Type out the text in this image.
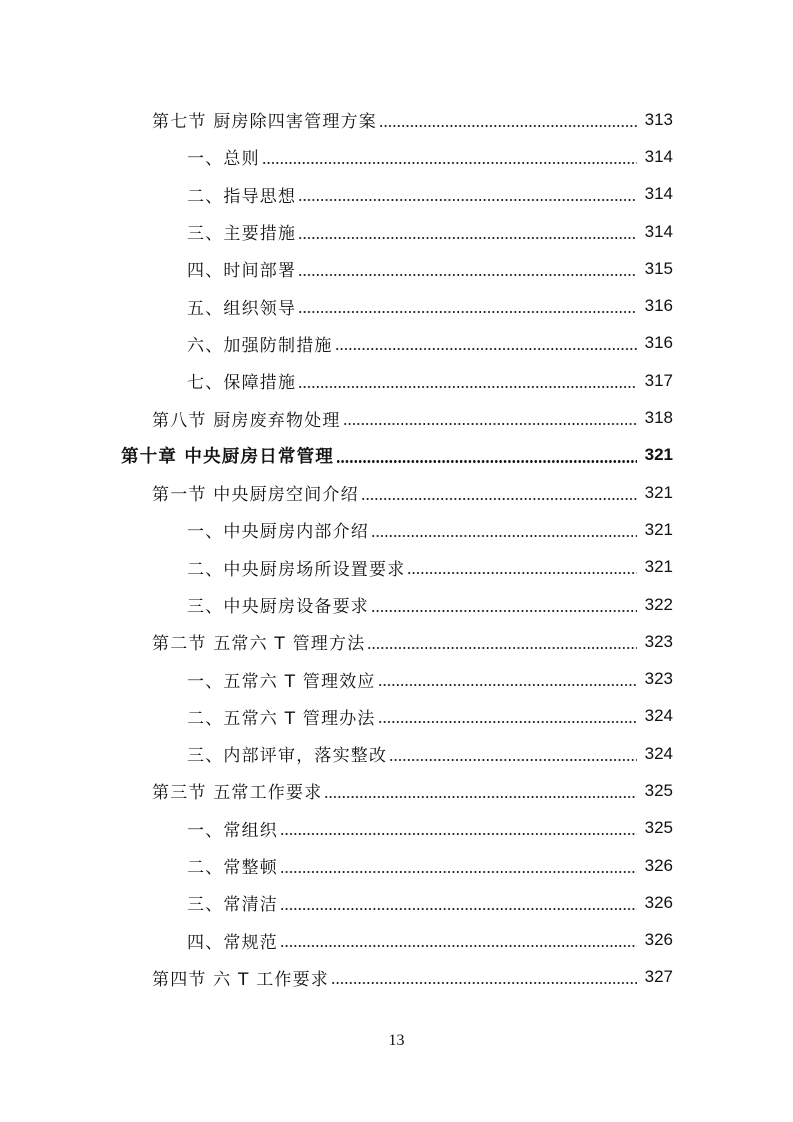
第七节 厨房除四害管理方案	313
一、总则	314
二、指导思想	314
三、主要措施	314
四、时间部署	315
五、组织领导	316
六、加强防制措施	316
七、保障措施	317
第八节 厨房废弃物处理	318
第十章 中央厨房日常管理	321
第一节 中央厨房空间介绍	321
一、中央厨房内部介绍	321
二、中央厨房场所设置要求	321
三、中央厨房设备要求	322
第二节 五常六 T 管理方法	323
一、五常六 T 管理效应	323
二、五常六 T 管理办法	324
三、内部评审，落实整改	324
第三节 五常工作要求	325
一、常组织	325
二、常整顿	326
三、常清洁	326
四、常规范	326
第四节 六 T 工作要求	327
13
